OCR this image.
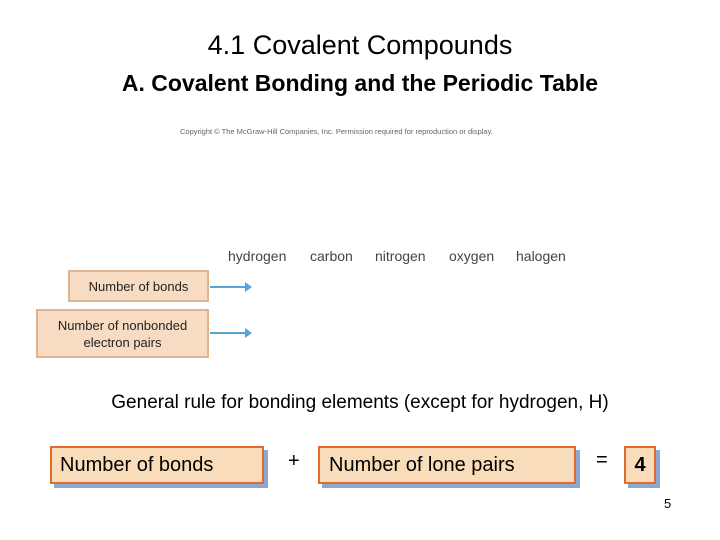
4.1 Covalent Compounds
A. Covalent Bonding and the Periodic Table
Copyright © The McGraw-Hill Companies, Inc. Permission required for reproduction or display.
hydrogen carbon nitrogen oxygen halogen
Number of bonds
Number of nonbonded
electron pairs
General rule for bonding elements (except for hydrogen, H)
Number of bonds	+ Number of lone pairs	= 4
5
